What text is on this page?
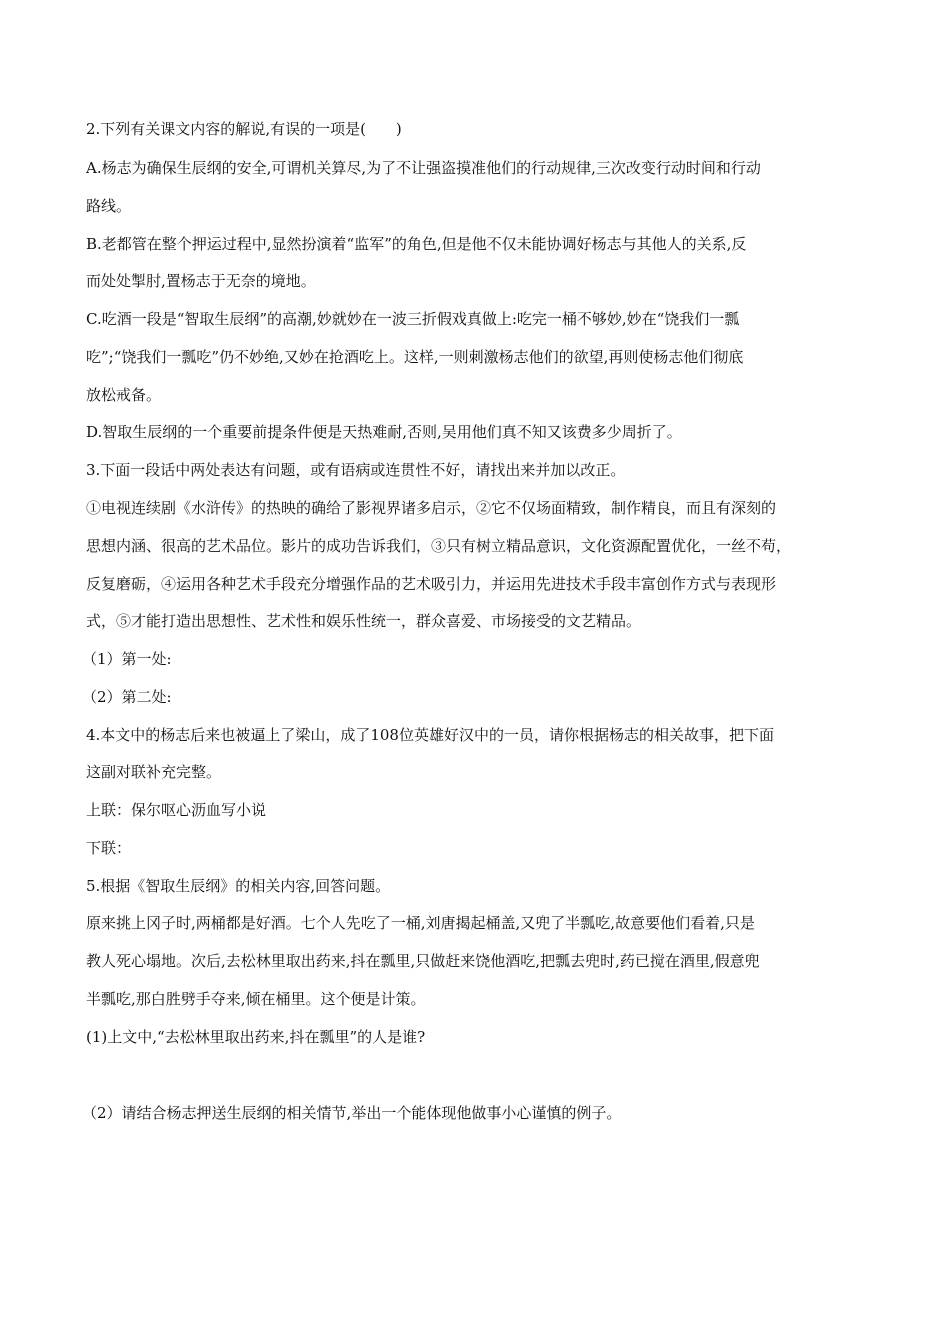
2.下列有关课文内容的解说,有误的一项是(　　)

A.杨志为确保生辰纲的安全,可谓机关算尽,为了不让强盗摸准他们的行动规律,三次改变行动时间和行动

路线。

B.老都管在整个押运过程中,显然扮演着“监军”的角色,但是他不仅未能协调好杨志与其他人的关系,反

而处处掣肘,置杨志于无奈的境地。

C.吃酒一段是“智取生辰纲”的高潮,妙就妙在一波三折假戏真做上:吃完一桶不够妙,妙在“饶我们一瓢

吃”;“饶我们一瓢吃”仍不妙绝,又妙在抢酒吃上。这样,一则刺激杨志他们的欲望,再则使杨志他们彻底

放松戒备。

D.智取生辰纲的一个重要前提条件便是天热难耐,否则,吴用他们真不知又该费多少周折了。

3.下面一段话中两处表达有问题，或有语病或连贯性不好，请找出来并加以改正。

①电视连续剧《水浒传》的热映的确给了影视界诸多启示，②它不仅场面精致，制作精良，而且有深刻的

思想内涵、很高的艺术品位。影片的成功告诉我们，③只有树立精品意识，文化资源配置优化，一丝不苟，

反复磨砺，④运用各种艺术手段充分增强作品的艺术吸引力，并运用先进技术手段丰富创作方式与表现形

式，⑤才能打造出思想性、艺术性和娱乐性统一，群众喜爱、市场接受的文艺精品。

（1）第一处:

（2）第二处:

4.本文中的杨志后来也被逼上了梁山，成了108位英雄好汉中的一员，请你根据杨志的相关故事，把下面

这副对联补充完整。

上联：保尔呕心沥血写小说

下联：

5.根据《智取生辰纲》的相关内容,回答问题。

原来挑上冈子时,两桶都是好酒。七个人先吃了一桶,刘唐揭起桶盖,又兜了半瓢吃,故意要他们看着,只是

教人死心塌地。次后,去松林里取出药来,抖在瓢里,只做赶来饶他酒吃,把瓢去兜时,药已搅在酒里,假意兜

半瓢吃,那白胜劈手夺来,倾在桶里。这个便是计策。

(1)上文中,“去松林里取出药来,抖在瓢里”的人是谁?

（2）请结合杨志押送生辰纲的相关情节,举出一个能体现他做事小心谨慎的例子。
